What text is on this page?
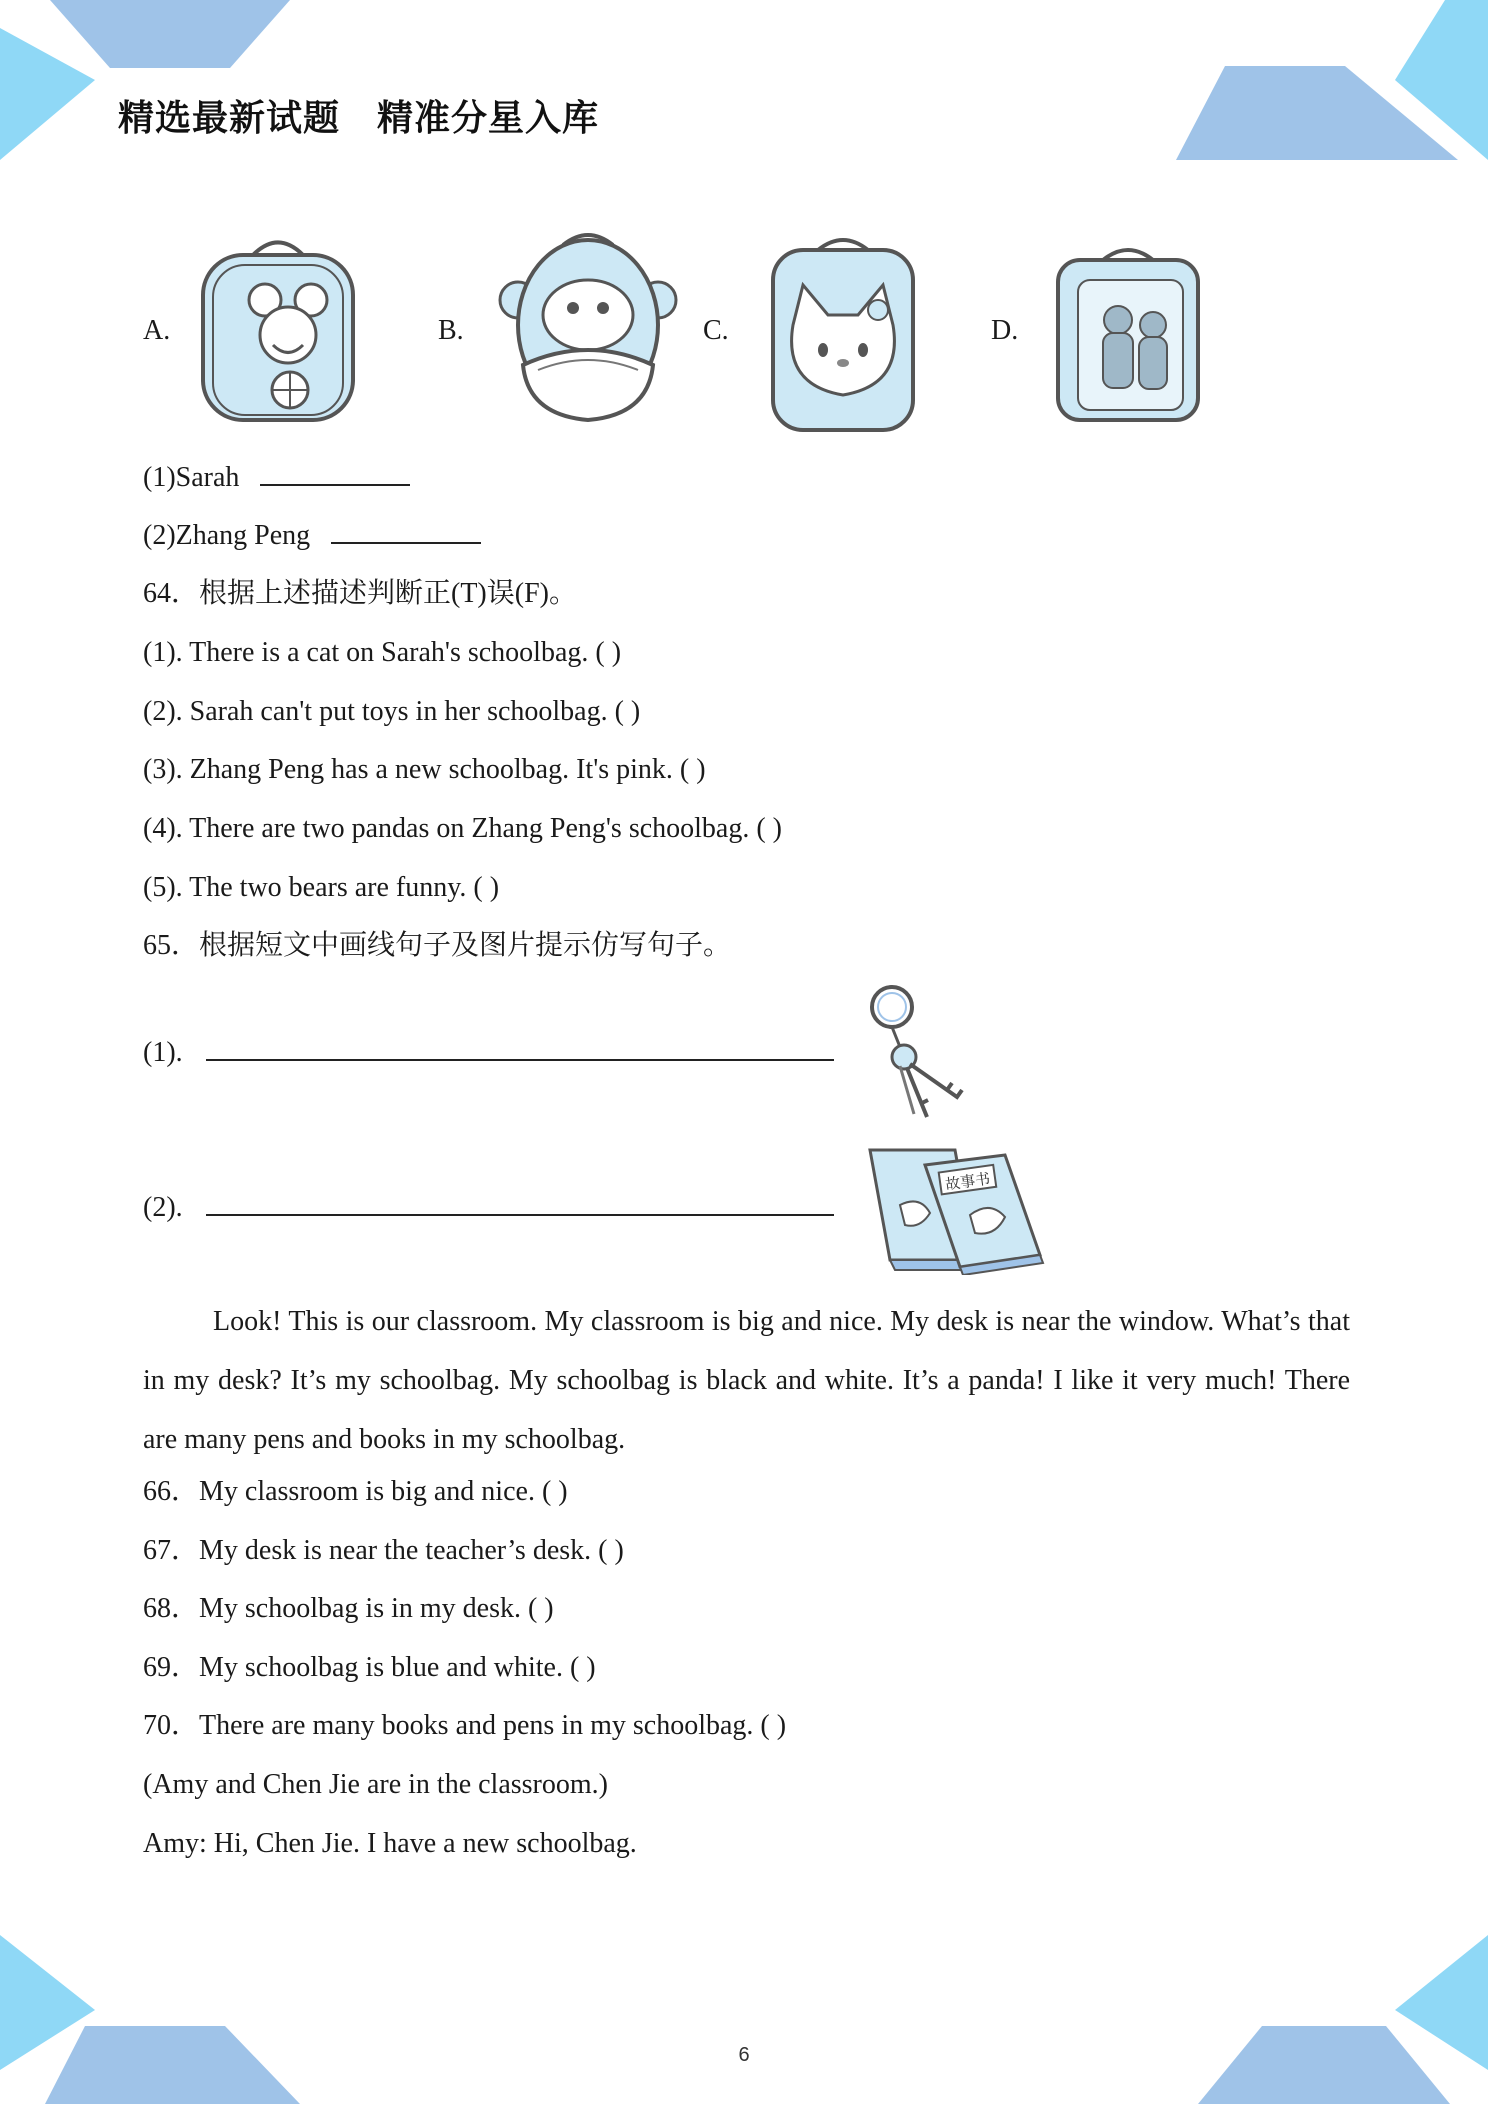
精选最新试题　精准分星入库
A.	B.	C.	D.
(1)Sarah
(2)Zhang Peng
64．根据上述描述判断正(T)误(F)。
(1). There is a cat on Sarah's schoolbag. ( )
(2). Sarah can't put toys in her schoolbag. ( )
(3). Zhang Peng has a new schoolbag. It's pink. ( )
(4). There are two pandas on Zhang Peng's schoolbag. ( )
(5). The two bears are funny. ( )
65．根据短文中画线句子及图片提示仿写句子。
(1).
(2).
故事书
Look! This is our classroom. My classroom is big and nice. My desk is near the window. What’s that in my desk? It’s my schoolbag. My schoolbag is black and white. It’s a panda! I like it very much! There are many pens and books in my schoolbag.
66．My classroom is big and nice. ( )
67．My desk is near the teacher’s desk. ( )
68．My schoolbag is in my desk. ( )
69．My schoolbag is blue and white. ( )
70．There are many books and pens in my schoolbag. ( )
(Amy and Chen Jie are in the classroom.)
Amy: Hi, Chen Jie. I have a new schoolbag.
6
